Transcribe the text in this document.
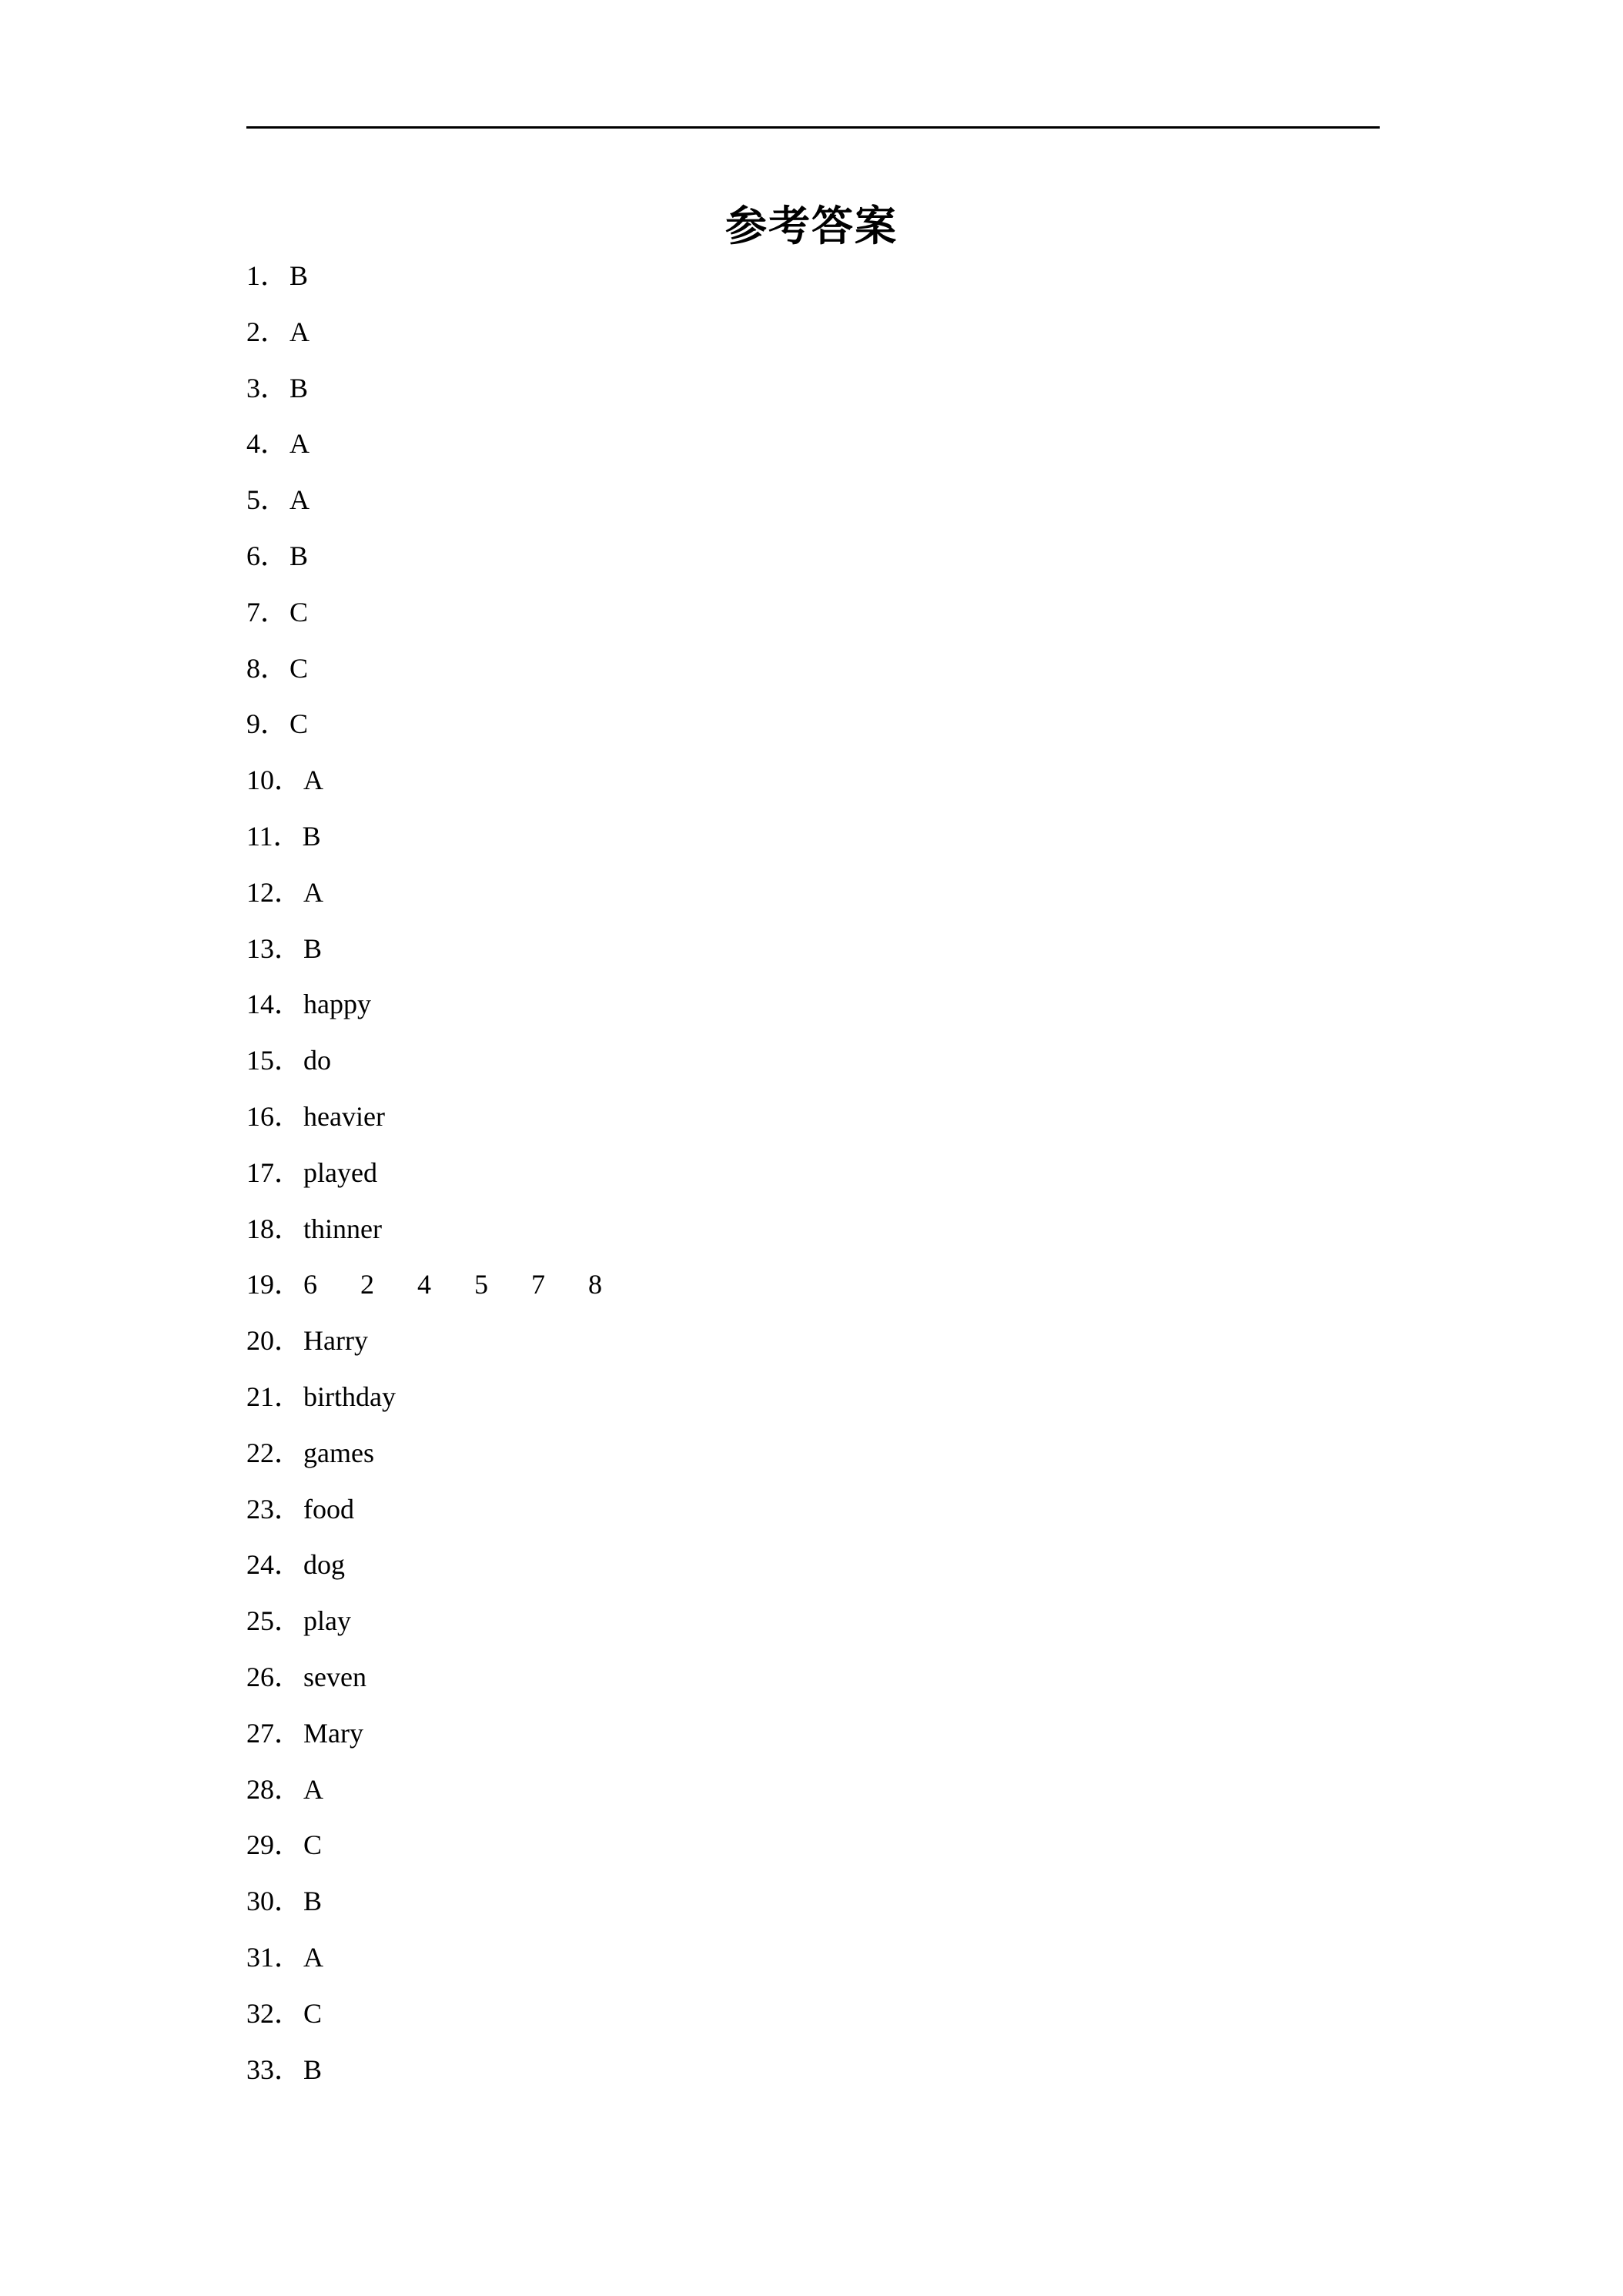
参考答案
1 ． B
2 ． A
3 ． B
4 ． A
5 ． A
6 ． B
7 ． C
8 ． C
9 ． C
10 ． A
11 ． B
12 ． A
13 ． B
14 ． happy
15 ． do
16 ． heavier
17 ． played
18 ． thinner
19 ． 6	2	4	5	7	8
20 ． Harry
21 ． birthday
22 ． games
23 ． food
24 ． dog
25 ． play
26 ． seven
27 ． Mary
28 ． A
29 ． C
30 ． B
31 ． A
32 ． C
33 ． B
